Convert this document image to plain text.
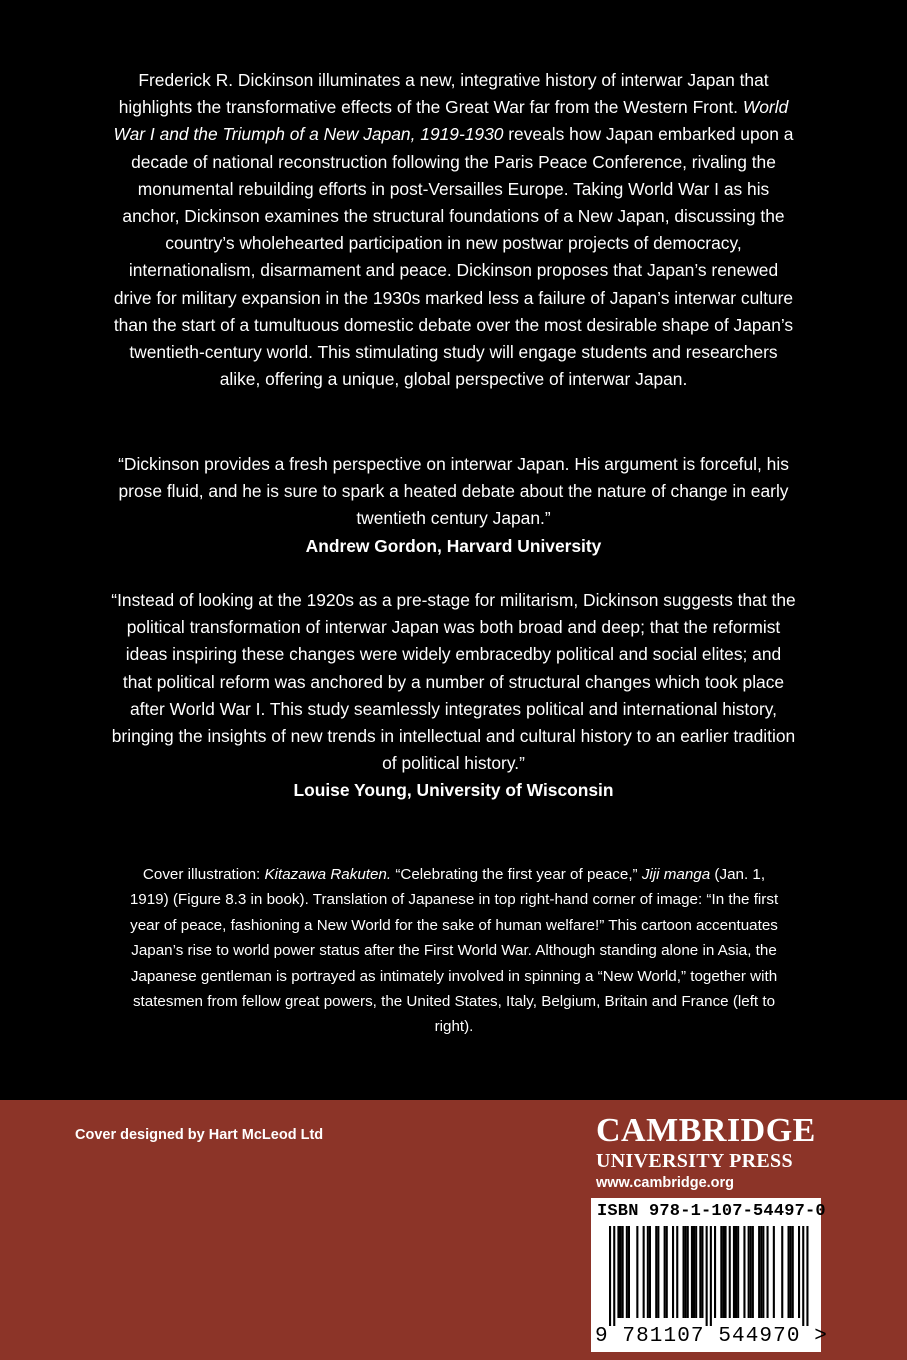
Frederick R. Dickinson illuminates a new, integrative history of interwar Japan that highlights the transformative effects of the Great War far from the Western Front. World War I and the Triumph of a New Japan, 1919-1930 reveals how Japan embarked upon a decade of national reconstruction following the Paris Peace Conference, rivaling the monumental rebuilding efforts in post-Versailles Europe. Taking World War I as his anchor, Dickinson examines the structural foundations of a New Japan, discussing the country’s wholehearted participation in new postwar projects of democracy, internationalism, disarmament and peace. Dickinson proposes that Japan’s renewed drive for military expansion in the 1930s marked less a failure of Japan’s interwar culture than the start of a tumultuous domestic debate over the most desirable shape of Japan’s twentieth-century world. This stimulating study will engage students and researchers alike, offering a unique, global perspective of interwar Japan.

“Dickinson provides a fresh perspective on interwar Japan. His argument is forceful, his prose fluid, and he is sure to spark a heated debate about the nature of change in early twentieth century Japan.”
Andrew Gordon, Harvard University

“Instead of looking at the 1920s as a pre-stage for militarism, Dickinson suggests that the political transformation of interwar Japan was both broad and deep; that the reformist ideas inspiring these changes were widely embracedby political and social elites; and that political reform was anchored by a number of structural changes which took place after World War I. This study seamlessly integrates political and international history, bringing the insights of new trends in intellectual and cultural history to an earlier tradition of political history.”
Louise Young, University of Wisconsin

Cover illustration: Kitazawa Rakuten. “Celebrating the first year of peace,” Jiji manga (Jan. 1, 1919) (Figure 8.3 in book). Translation of Japanese in top right-hand corner of image: “In the first year of peace, fashioning a New World for the sake of human welfare!” This cartoon accentuates Japan’s rise to world power status after the First World War. Although standing alone in Asia, the Japanese gentleman is portrayed as intimately involved in spinning a “New World,” together with statesmen from fellow great powers, the United States, Italy, Belgium, Britain and France (left to right).

Cover designed by Hart McLeod Ltd	CAMBRIDGE
UNIVERSITY PRESS
www.cambridge.org
ISBN 978-1-107-54497-0
9 781107 544970 >
